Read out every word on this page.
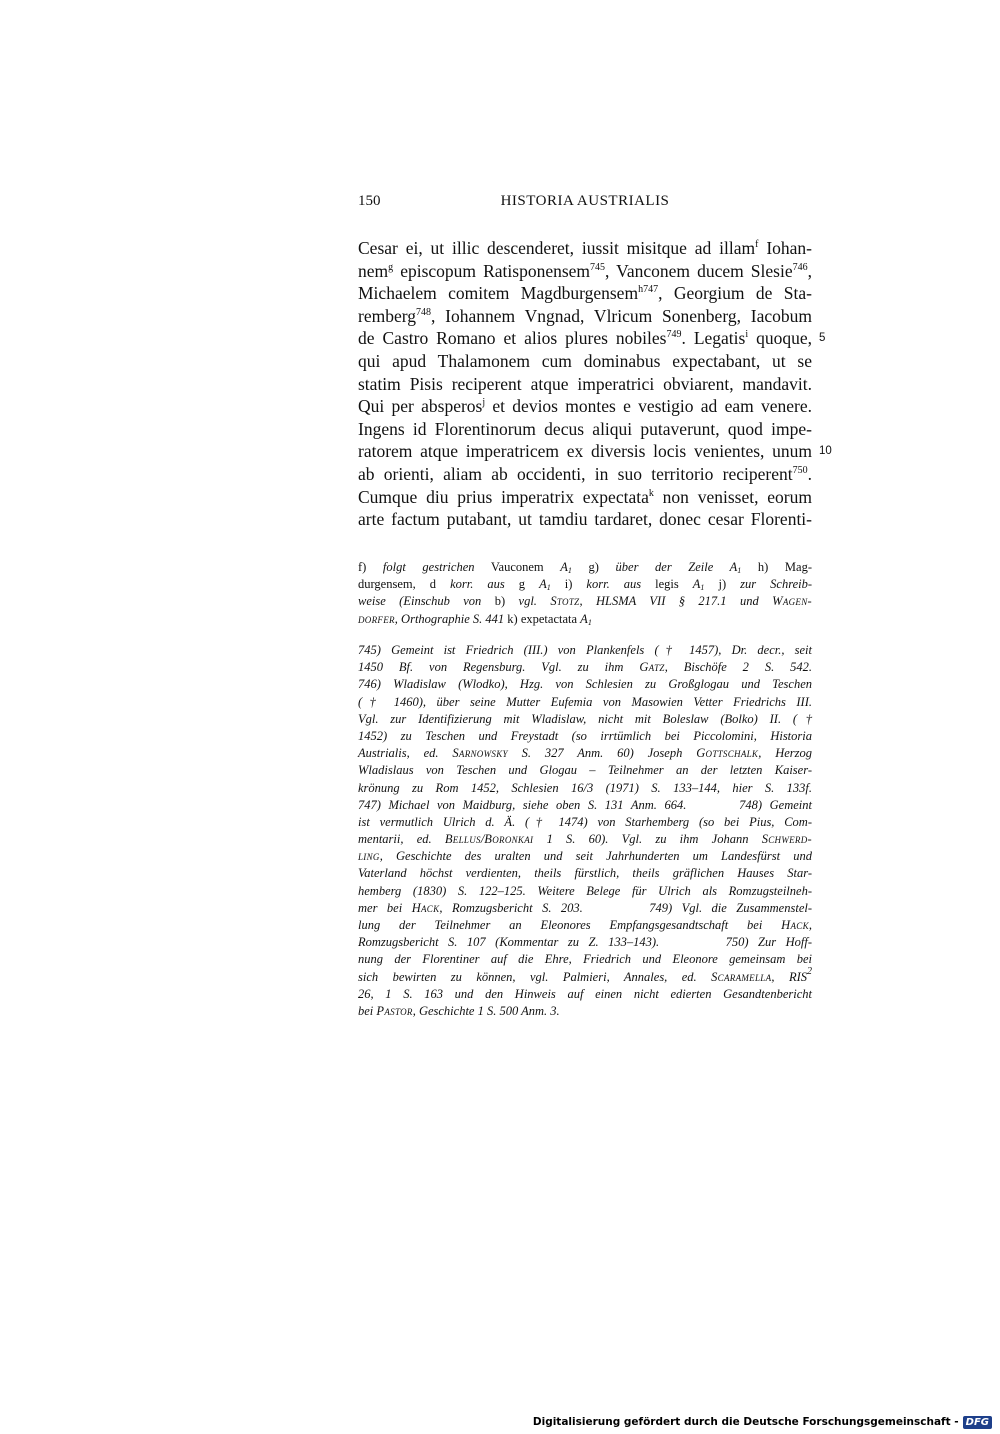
150	HISTORIA AUSTRIALIS
Cesar ei, ut illic descenderet, iussit misitque ad illam$^f$ Iohan-
nem$^g$ episcopum Ratisponensem$^{745}$, Vanconem ducem Slesie$^{746}$,
Michaelem comitem Magdburgensem$^{h747}$, Georgium de Sta-
remberg$^{748}$, Iohannem Vngnad, Vlricum Sonenberg, Iacobum
de Castro Romano et alios plures nobiles$^{749}$. Legatis$^i$ quoque, 5
qui apud Thalamonem cum dominabus expectabant, ut se
statim Pisis reciperent atque imperatrici obviarent, mandavit.
Qui per absperos$^j$ et devios montes e vestigio ad eam venere.
Ingens id Florentinorum decus aliqui putaverunt, quod impe-
ratorem atque imperatricem ex diversis locis venientes, unum 10
ab orienti, aliam ab occidenti, in suo territorio reciperent$^{750}$.
Cumque diu prius imperatrix expectata$^k$ non venisset, eorum
arte factum putabant, ut tamdiu tardaret, donec cesar Florenti-
f) folgt gestrichen Vauconem $A_1$ g) über der Zeile $A_1$ h) Mag-
durgensem, d korr. aus g $A_1$ i) korr. aus legis $A_1$ j) zur Schreib-
weise (Einschub von b) vgl. Stotz, HLSMA VII § 217.1 und Wagen-
dorfer, Orthographie S. 441 k) expetactata $A_1$
745) Gemeint ist Friedrich (III.) von Plankenfels († 1457), Dr. decr., seit
1450 Bf. von Regensburg. Vgl. zu ihm Gatz, Bischöfe 2 S. 542.
746) Wladislaw (Wlodko), Hzg. von Schlesien zu Großglogau und Teschen
(† 1460), über seine Mutter Eufemia von Masowien Vetter Friedrichs III.
Vgl. zur Identifizierung mit Wladislaw, nicht mit Boleslaw (Bolko) II. (†
1452) zu Teschen und Freystadt (so irrtümlich bei Piccolomini, Historia
Austrialis, ed. Sarnowsky S. 327 Anm. 60) Joseph Gottschalk, Herzog
Wladislaus von Teschen und Glogau – Teilnehmer an der letzten Kaiser-
krönung zu Rom 1452, Schlesien 16/3 (1971) S. 133–144, hier S. 133f.
747) Michael von Maidburg, siehe oben S. 131 Anm. 664.       748) Gemeint
ist vermutlich Ulrich d. Ä. († 1474) von Starhemberg (so bei Pius, Com-
mentarii, ed. Bellus/Boronkai 1 S. 60). Vgl. zu ihm Johann Schwerd-
ling, Geschichte des uralten und seit Jahrhunderten um Landesfürst und
Vaterland höchst verdienten, theils fürstlich, theils gräflichen Hauses Star-
hemberg (1830) S. 122–125. Weitere Belege für Ulrich als Romzugsteilneh-
mer bei Hack, Romzugsbericht S. 203.       749) Vgl. die Zusammenstel-
lung der Teilnehmer an Eleonores Empfangsgesandtschaft bei Hack,
Romzugsbericht S. 107 (Kommentar zu Z. 133–143).       750) Zur Hoff-
nung der Florentiner auf die Ehre, Friedrich und Eleonore gemeinsam bei
sich bewirten zu können, vgl. Palmieri, Annales, ed. Scaramella, RIS$^2$
26, 1 S. 163 und den Hinweis auf einen nicht edierten Gesandtenbericht
bei Pastor, Geschichte 1 S. 500 Anm. 3.
Digitalisierung gefördert durch die Deutsche Forschungsgemeinschaft - DFG
